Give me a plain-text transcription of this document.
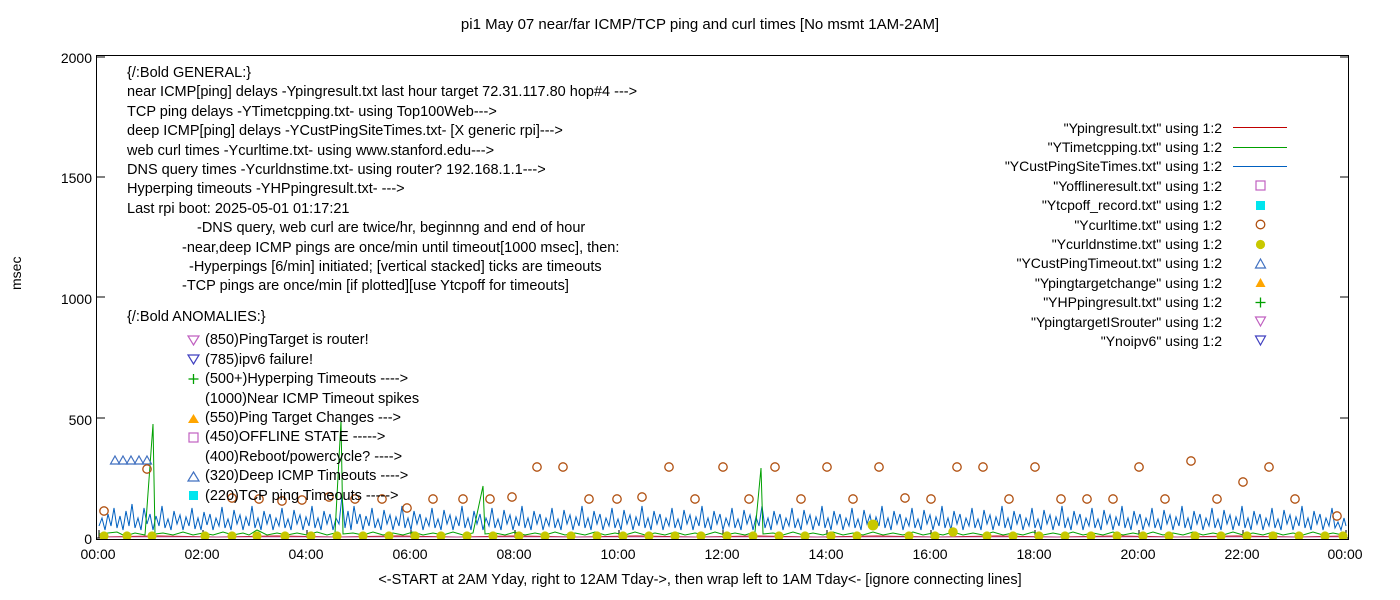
pi1 May 07 near/far ICMP/TCP ping and curl times [No msmt 1AM-2AM]
msec
0
500
1000
1500
2000
{/:Bold GENERAL:}
near ICMP[ping] delays -Ypingresult.txt last hour target 72.31.117.80 hop#4 --->
TCP ping delays -YTimetcpping.txt- using Top100Web--->
deep ICMP[ping] delays -YCustPingSiteTimes.txt- [X generic rpi]--->
web curl times -Ycurltime.txt- using www.stanford.edu--->
DNS query times -Ycurldnstime.txt- using router? 192.168.1.1--->
Hyperping timeouts -YHPpingresult.txt- --->
Last rpi boot: 2025-05-01 01:17:21
-DNS query, web curl are twice/hr, beginnng and end of hour
-near,deep ICMP pings are once/min until timeout[1000 msec], then:
-Hyperpings [6/min] initiated; [vertical stacked] ticks are timeouts
-TCP pings are once/min [if plotted][use Ytcpoff for timeouts]
{/:Bold ANOMALIES:}
(850)PingTarget is router!
(785)ipv6 failure!
(500+)Hyperping Timeouts ---->
(1000)Near ICMP Timeout spikes
(550)Ping Target Changes --->
(450)OFFLINE STATE ----->
(400)Reboot/powercycle? ---->
(320)Deep ICMP Timeouts ---->
(220)TCP ping Timeouts ----->
"Ypingresult.txt" using 1:2
"YTimetcpping.txt" using 1:2
"YCustPingSiteTimes.txt" using 1:2
"Yofflineresult.txt" using 1:2
"Ytcpoff_record.txt" using 1:2
"Ycurltime.txt" using 1:2
"Ycurldnstime.txt" using 1:2
"YCustPingTimeout.txt" using 1:2
"Ypingtargetchange" using 1:2
"YHPpingresult.txt" using 1:2
"YpingtargetISrouter" using 1:2
"Ynoipv6" using 1:2
00:00	02:00	04:00	06:00	08:00	10:00	12:00	14:00	16:00	18:00	20:00	22:00	00:00
<-START at 2AM Yday, right to 12AM Tday->, then wrap left to 1AM Tday<- [ignore connecting lines]
